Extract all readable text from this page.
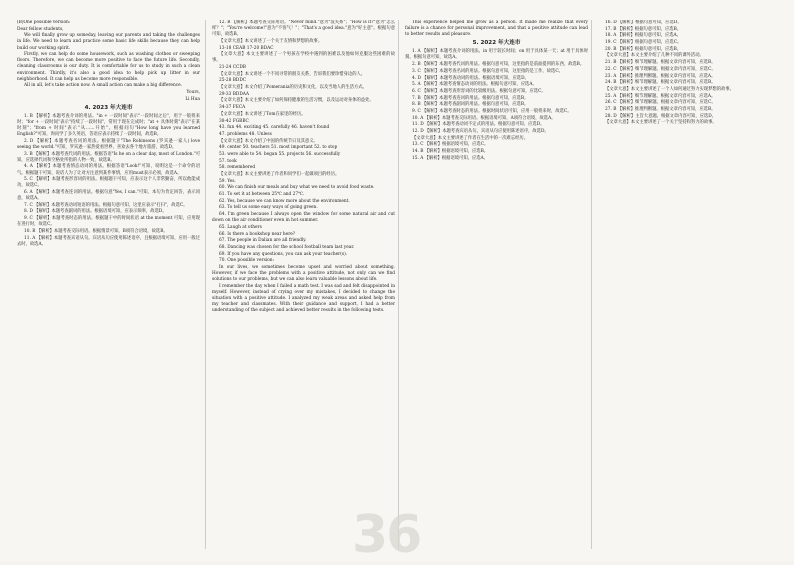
(B)One possible version:

Dear fellow students,

We will finally grow up someday, leaving our parents and taking the challenges in life. We need to learn and practice some basic life skills because they can help build our working spirit.

Firstly, we can help do some housework, such as washing clothes or sweeping floors. Therefore, we can become more positive to face the future life. Secondly, cleaning classrooms is our duty. It is comfortable for us to study in such a clean environment. Thirdly, it's also a good idea to help pick up litter in our neighborhood. It can help us become more responsible.

All in all, let's take action now. A small action can make a big difference.

Yours,

Li Hua

4. 2023 年大连市

1. B 【解析】本题考查介词的用法。"in + 一段时间"表示"一段时间之后"，用于一般将来时；"for + 一段时间"表示"持续了一段时间"，常用于现在完成时；"at + 具体时刻"表示"在某时刻"；"from + 时间"表示"从……开始"。根据问句"How long have you learned English?"可知，询问学了多久英语，答语应表示持续了一段时间，故选B。

2. D 【解析】本题考查名词的用法。根据题干"The Robinsons (罗宾逊一家人) love seeing the world."可知，罗宾逊一家热爱看世界，喜欢去各个地方旅游，故选D。

3. B 【解析】本题考查代词的用法。根据答语"Is he on a clear day, most of London."可知，应选择代词和空格处所指的人物一致，故选B。

4. A 【解析】本题考查情态动词的用法。根据答语"Look!"可知，说明这是一个命令的语气。根据题干可知，说话人为了让对方注意到某件事情，应用must表示必须，故选A。

5. C 【解析】本题考查形容词的用法。根据题干可知，应表示这个人非常勤奋，所以他能成功，故选C。

6. A 【解析】本题考查连词的用法。根据句意"Yes, I can."可知，本句为肯定回答，表示同意，故选A。

7. C 【解析】本题考查动词短语的用法。根据句意可知，这里应表示"打扫"，故选C。

8. D 【解析】本题考查副词的用法。根据语境可知，应表示频率，故选D。

9. C 【解析】本题考查时态的用法。根据题干中的时间状语 at the moment 可知，应用现在进行时，故选C。

10. B 【解析】本题考查交际用语。根据情景可知，B项符合语境，故选B。

11. A 【解析】本题考查宾语从句。宾语从句应使用陈述语序，且根据语境可知，应用一般过去时，故选A。

12. B 【解析】本题考查交际用语。"Never mind."意为"没关系"；"How is it?"意为"怎么样？"；"You're welcome!"意为"不客气！"；"That's a good idea."意为"好主意"。根据句意可知，故选B。

【文章大意】本文讲述了一个关于友情和梦想的故事。

13-18 CEAB 17-20 BDAC

【文章大意】本文主要讲述了一个男孩在学校中遇到的困难以及他如何克服这些困难的故事。

21-24 CCDB

【文章大意】本文讲述一个不同寻常的朋友关系，告诉我们要珍惜身边的人。

25-28 BDDC

【文章大意】本文介绍了Pomerania的历史和文化，以及当地人的生活方式。

29-33 BDDAA

【文章大意】本文主要介绍了如何保持健康的生活习惯，以及运动对身体的益处。

34-37 FECA

【文章大意】本文讲述了Tom在家里的经历。

38-42 FGBBC

43. fun 44. exciting 45. carefully 46. haven't found

47. problems 48. Unless

【文章大意】本文介绍了中国的传统节日及其意义。

49. center 50. teachers 51. most important 52. to stop

53. were able to 54. began 55. projects 56. successfully

57. took

58. remembered

【文章大意】本文主要讲述了作者和同学们一起做项目的经历。

59. Yes.

60. We can finish our meals and buy what we need to avoid food waste.

61. To set it at between 25℃ and 27℃.

62. Yes, because we can know more about the environment.

63. To tell us some easy ways of going green.

64. I'm green because I always open the window for some natural air and cut down on the air conditioner even in hot summer.

65. Laugh at others

66. Is there a bookshop near here?

67. The people in Dalian are all friendly.

68. Dancing was chosen for the school football team last year.

69. If you have any questions, you can ask your teacher(s).

70. One possible version:

In our lives, we sometimes become upset and worried about something. However, if we face the problems with a positive attitude, not only can we find solutions to our problems, but we can also learn valuable lessons about life.

I remember the day when I failed a math test. I was sad and felt disappointed in myself. However, instead of crying over my mistakes, I decided to change the situation with a positive attitude. I analyzed my weak areas and asked help from my teacher and classmates. With their guidance and support, I had a better understanding of the subject and achieved better results in the following tests.

This experience helped me grow as a person. It made me realize that every failure is a chance for personal improvement, and that a positive attitude can lead to better results and pleasure.

5. 2022 年大连市

1. A 【解析】本题考查介词的用法。in 用于较长时间；on 用于具体某一天；at 用于具体时刻。根据句意可知，故选A。

2. B 【解析】本题考查代词的用法。根据句意可知，这里指的是前面提到的东西，故选B。

3. C 【解析】本题考查名词的用法。根据句意可知，这里指的是工作，故选C。

4. D 【解析】本题考查动词的用法。根据语境可知，应选D。

5. A 【解析】本题考查情态动词的用法。根据句意可知，应选A。

6. C 【解析】本题考查形容词的比较级用法。根据句意可知，应选C。

7. B 【解析】本题考查连词的用法。根据句意可知，应选B。

8. B 【解析】本题考查副词的用法。根据句意可知，应选B。

9. C 【解析】本题考查时态的用法。根据时间状语可知，应用一般将来时，故选C。

10. A 【解析】本题考查交际用语。根据语境可知，A项符合语境，故选A。

11. D 【解析】本题考查动词不定式的用法。根据句意可知，应选D。

12. D 【解析】本题考查宾语从句。宾语从句应使用陈述语序，故选D。

【文章大意】本文主要讲述了作者在生活中的一次难忘经历。

13. C 【解析】根据语境可知，应选C。

14. B 【解析】根据语境可知，应选B。

15. A 【解析】根据语境可知，应选A。

16. D 【解析】根据句意可知，应选D。

17. B 【解析】根据句意可知，应选B。

18. A 【解析】根据句意可知，应选A。

19. C 【解析】根据句意可知，应选C。

20. B 【解析】根据句意可知，应选B。

【文章大意】本文主要介绍了几种不同的课外活动。

21. B 【解析】细节理解题。根据文章内容可知，应选B。

22. C 【解析】细节理解题。根据文章内容可知，应选C。

23. A 【解析】推理判断题。根据文章内容可知，应选A。

24. B 【解析】细节理解题。根据文章内容可知，应选B。

【文章大意】本文主要讲述了一个人如何通过努力实现梦想的故事。

25. A 【解析】细节理解题。根据文章内容可知，应选A。

26. C 【解析】细节理解题。根据文章内容可知，应选C。

27. B 【解析】推理判断题。根据文章内容可知，应选B。

28. D 【解析】主旨大意题。根据文章内容可知，应选D。

【文章大意】本文主要讲述了一个关于坚持和努力的故事。

36
